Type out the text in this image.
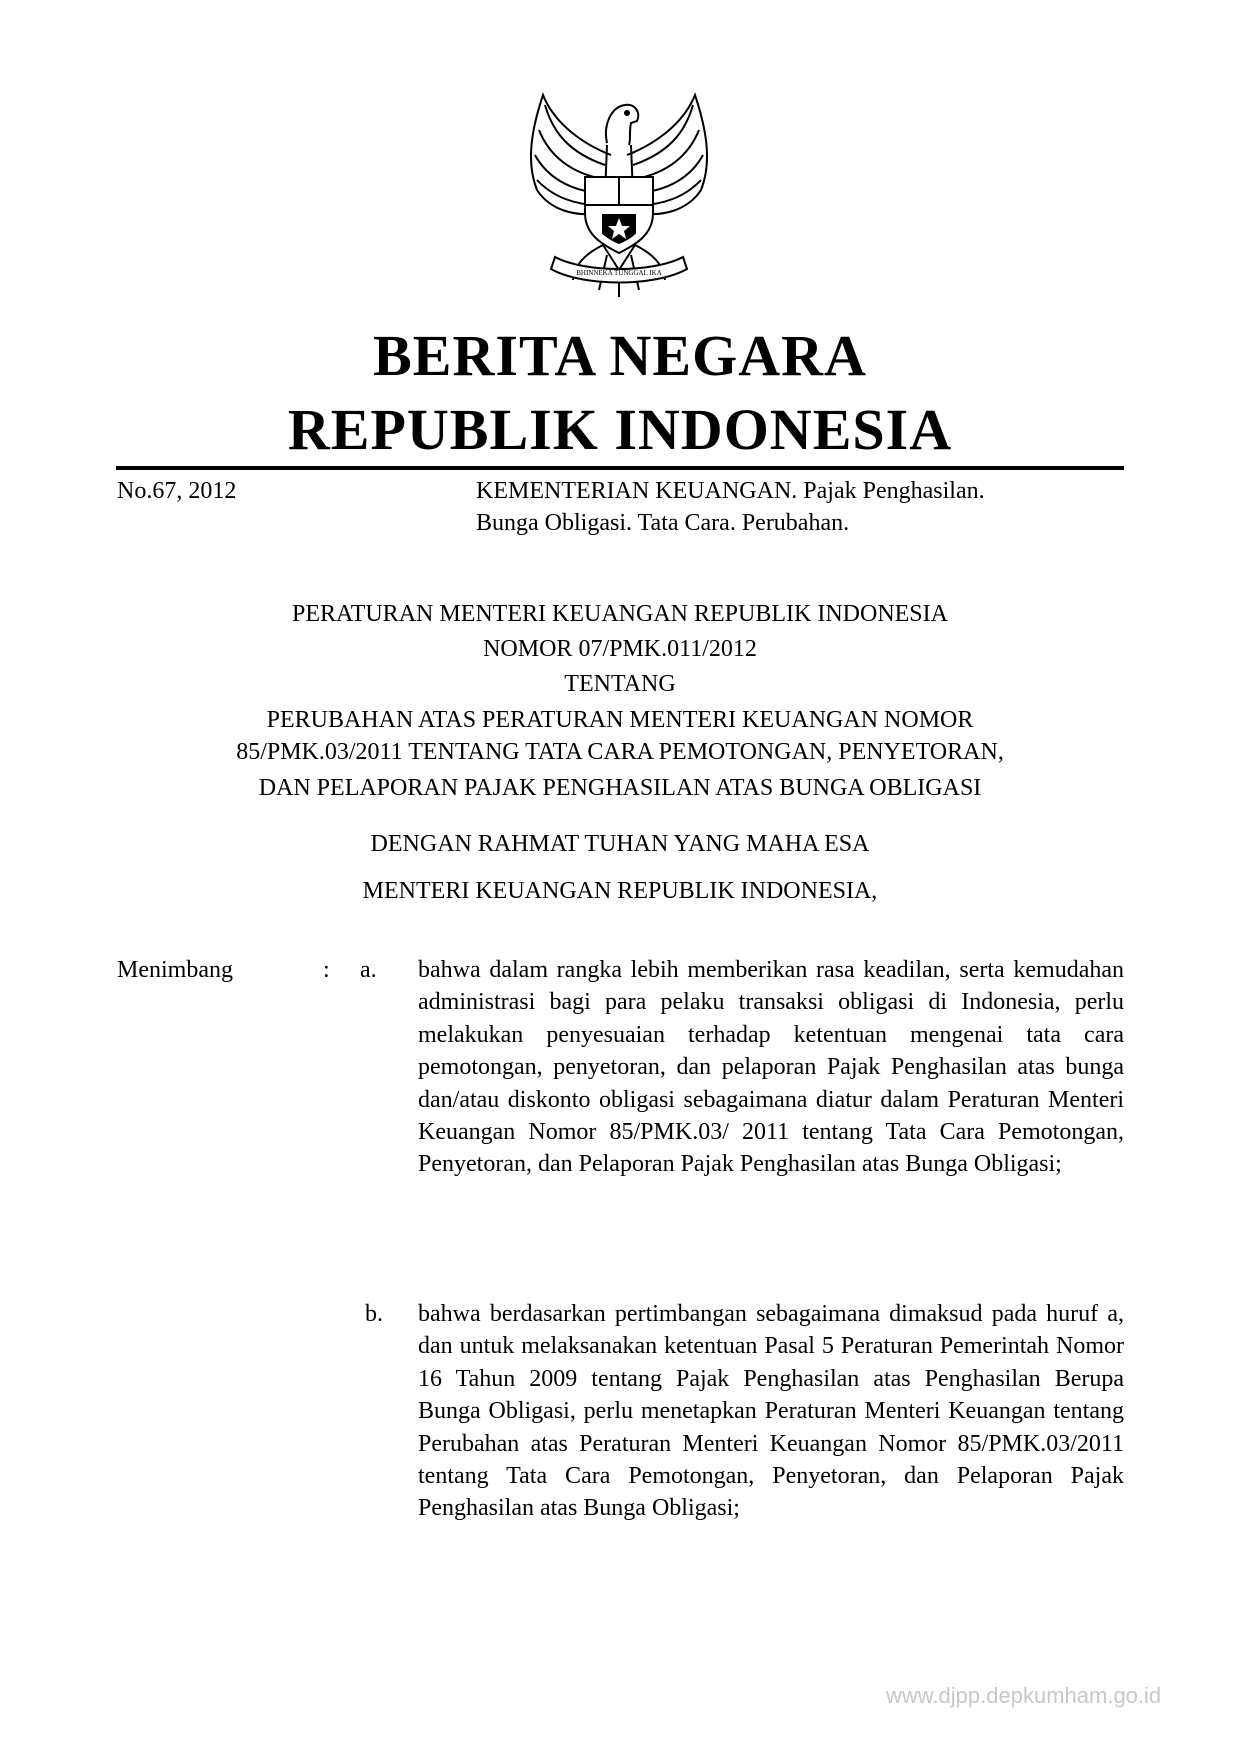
BHINNEKA TUNGGAL IKA
BERITA NEGARA
REPUBLIK INDONESIA
No.67, 2012	KEMENTERIAN KEUANGAN. Pajak Penghasilan.
Bunga Obligasi. Tata Cara. Perubahan.
PERATURAN MENTERI KEUANGAN REPUBLIK INDONESIA
NOMOR 07/PMK.011/2012
TENTANG
PERUBAHAN ATAS PERATURAN MENTERI KEUANGAN NOMOR
85/PMK.03/2011 TENTANG TATA CARA PEMOTONGAN, PENYETORAN,
DAN PELAPORAN PAJAK PENGHASILAN ATAS BUNGA OBLIGASI
DENGAN RAHMAT TUHAN YANG MAHA ESA
MENTERI KEUANGAN REPUBLIK INDONESIA,
Menimbang	: a. bahwa dalam rangka lebih memberikan rasa keadilan, serta kemudahan administrasi bagi para pelaku transaksi obligasi di Indonesia, perlu melakukan penyesuaian terhadap ketentuan mengenai tata cara pemotongan, penyetoran, dan pelaporan Pajak Penghasilan atas bunga dan/atau diskonto obligasi sebagaimana diatur dalam Peraturan Menteri Keuangan Nomor 85/PMK.03/ 2011 tentang Tata Cara Pemotongan, Penyetoran, dan Pelaporan Pajak Penghasilan atas Bunga Obligasi;
b. bahwa berdasarkan pertimbangan sebagaimana dimaksud pada huruf a, dan untuk melaksanakan ketentuan Pasal 5 Peraturan Pemerintah Nomor 16 Tahun 2009 tentang Pajak Penghasilan atas Penghasilan Berupa Bunga Obligasi, perlu menetapkan Peraturan Menteri Keuangan tentang Perubahan atas Peraturan Menteri Keuangan Nomor 85/PMK.03/2011 tentang Tata Cara Pemotongan, Penyetoran, dan Pelaporan Pajak Penghasilan atas Bunga Obligasi;
www.djpp.depkumham.go.id
